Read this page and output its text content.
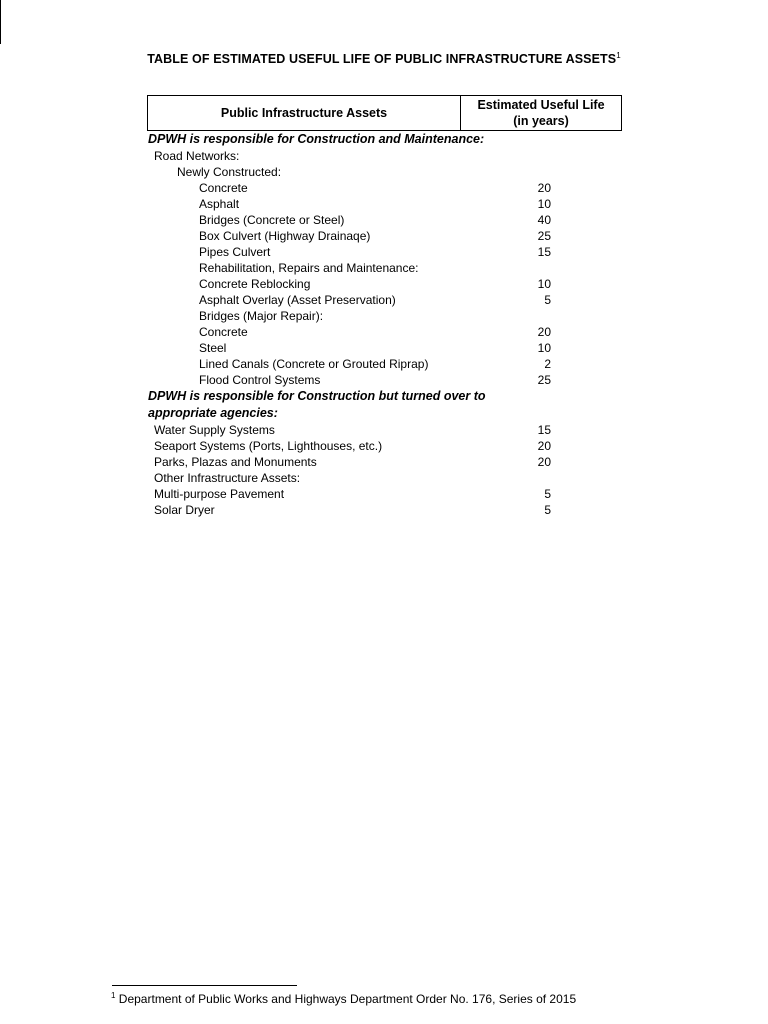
TABLE OF ESTIMATED USEFUL LIFE OF PUBLIC INFRASTRUCTURE ASSETS$^1$
Public Infrastructure Assets
Estimated Useful Life
(in years)
DPWH is responsible for Construction and Maintenance:
Road Networks:
Newly Constructed:
Concrete	20
Asphalt	10
Bridges (Concrete or Steel)	40
Box Culvert (Highway Drainaqe)	25
Pipes Culvert	15
Rehabilitation, Repairs and Maintenance:
Concrete Reblocking	10
Asphalt Overlay (Asset Preservation)	5
Bridges (Major Repair):
Concrete	20
Steel	10
Lined Canals (Concrete or Grouted Riprap)	2
Flood Control Systems	25
DPWH is responsible for Construction but turned over to
appropriate agencies:
Water Supply Systems	15
Seaport Systems (Ports, Lighthouses, etc.)	20
Parks, Plazas and Monuments	20
Other Infrastructure Assets:
Multi-purpose Pavement	5
Solar Dryer	5
$^1$ Department of Public Works and Highways Department Order No. 176, Series of 2015
